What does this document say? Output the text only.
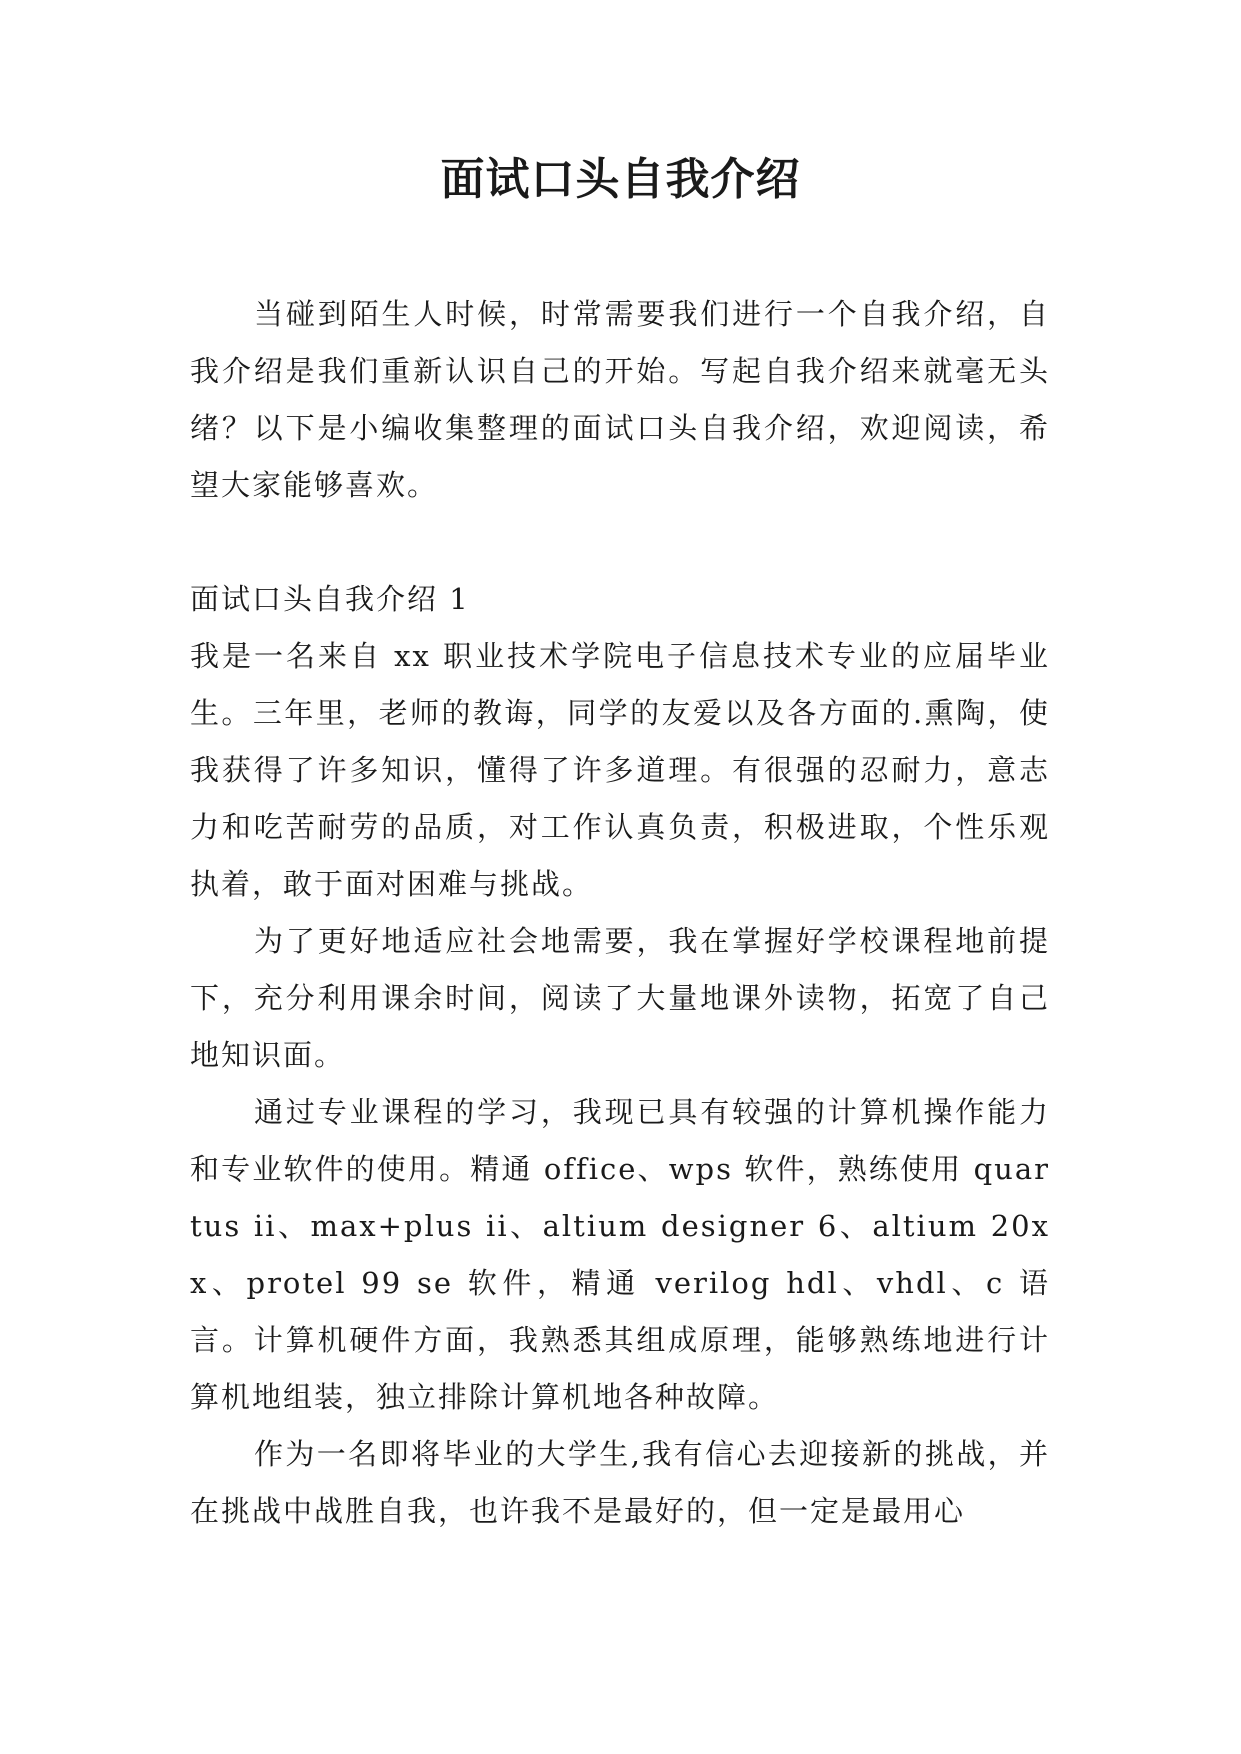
面试口头自我介绍

当碰到陌生人时候，时常需要我们进行一个自我介绍，自我介绍是我们重新认识自己的开始。写起自我介绍来就毫无头绪？以下是小编收集整理的面试口头自我介绍，欢迎阅读，希望大家能够喜欢。

面试口头自我介绍 1

我是一名来自 xx 职业技术学院电子信息技术专业的应届毕业生。三年里，老师的教诲，同学的友爱以及各方面的.熏陶，使我获得了许多知识，懂得了许多道理。有很强的忍耐力，意志力和吃苦耐劳的品质，对工作认真负责，积极进取，个性乐观执着，敢于面对困难与挑战。

为了更好地适应社会地需要，我在掌握好学校课程地前提下，充分利用课余时间，阅读了大量地课外读物，拓宽了自己地知识面。

通过专业课程的学习，我现已具有较强的计算机操作能力和专业软件的使用。精通 office、wps 软件，熟练使用 quartus ii、max+plus ii、altium designer 6、altium 20xx、protel 99 se 软件，精通 verilog hdl、vhdl、c 语言。计算机硬件方面，我熟悉其组成原理，能够熟练地进行计算机地组装，独立排除计算机地各种故障。

作为一名即将毕业的大学生,我有信心去迎接新的挑战，并在挑战中战胜自我，也许我不是最好的，但一定是最用心
